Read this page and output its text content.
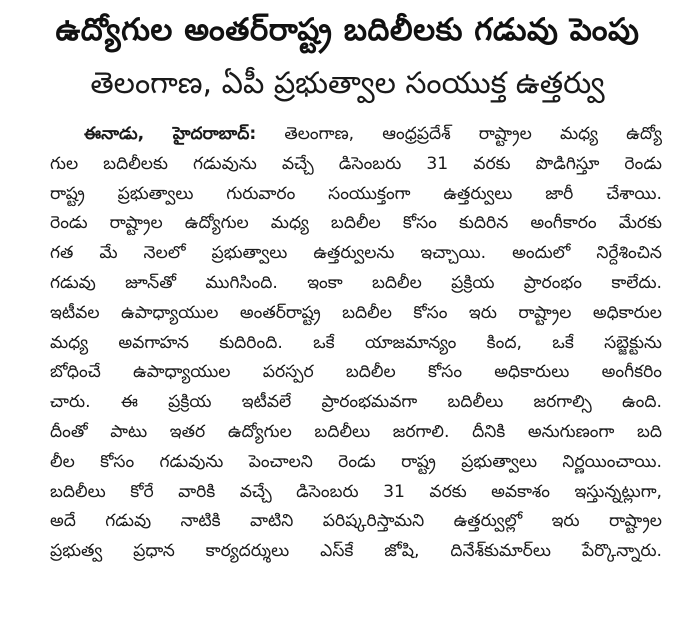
ఉద్యోగుల అంతర్‌రాష్ట్ర బదిలీలకు గడువు పెంపు
తెలంగాణ, ఏపీ ప్రభుత్వాల సంయుక్త ఉత్తర్వు
ఈనాడు, హైదరాబాద్‌: తెలంగాణ, ఆంధ్రప్రదేశ్‌ రాష్ట్రాల మధ్య ఉద్యో
గుల బదిలీలకు గడువును వచ్చే డిసెంబరు 31 వరకు పొడిగిస్తూ రెండు
రాష్ట్ర ప్రభుత్వాలు గురువారం సంయుక్తంగా ఉత్తర్వులు జారీ చేశాయి.
రెండు రాష్ట్రాల ఉద్యోగుల మధ్య బదిలీల కోసం కుదిరిన అంగీకారం మేరకు
గత మే నెలలో ప్రభుత్వాలు ఉత్తర్వులను ఇచ్చాయి. అందులో నిర్దేశించిన
గడువు జూన్‌తో ముగిసింది. ఇంకా బదిలీల ప్రక్రియ ప్రారంభం కాలేదు.
ఇటీవల ఉపాధ్యాయుల అంతర్‌రాష్ట్ర బదిలీల కోసం ఇరు రాష్ట్రాల అధికారుల
మధ్య అవగాహన కుదిరింది. ఒకే యాజమాన్యం కింద, ఒకే సబ్జెక్టును
బోధించే ఉపాధ్యాయుల పరస్పర బదిలీల కోసం అధికారులు అంగీకరిం
చారు. ఈ ప్రక్రియ ఇటీవలే ప్రారంభమవగా బదిలీలు జరగాల్సి ఉంది.
దీంతో పాటు ఇతర ఉద్యోగుల బదిలీలు జరగాలి. దీనికి అనుగుణంగా బది
లీల కోసం గడువును పెంచాలని రెండు రాష్ట్ర ప్రభుత్వాలు నిర్ణయించాయి.
బదిలీలు కోరే వారికి వచ్చే డిసెంబరు 31 వరకు అవకాశం ఇస్తున్నట్లుగా,
అదే గడువు నాటికి వాటిని పరిష్కరిస్తామని ఉత్తర్వుల్లో ఇరు రాష్ట్రాల
ప్రభుత్వ ప్రధాన కార్యదర్శులు ఎస్‌కే జోషి, దినేశ్‌కుమార్‌లు పేర్కొన్నారు.
